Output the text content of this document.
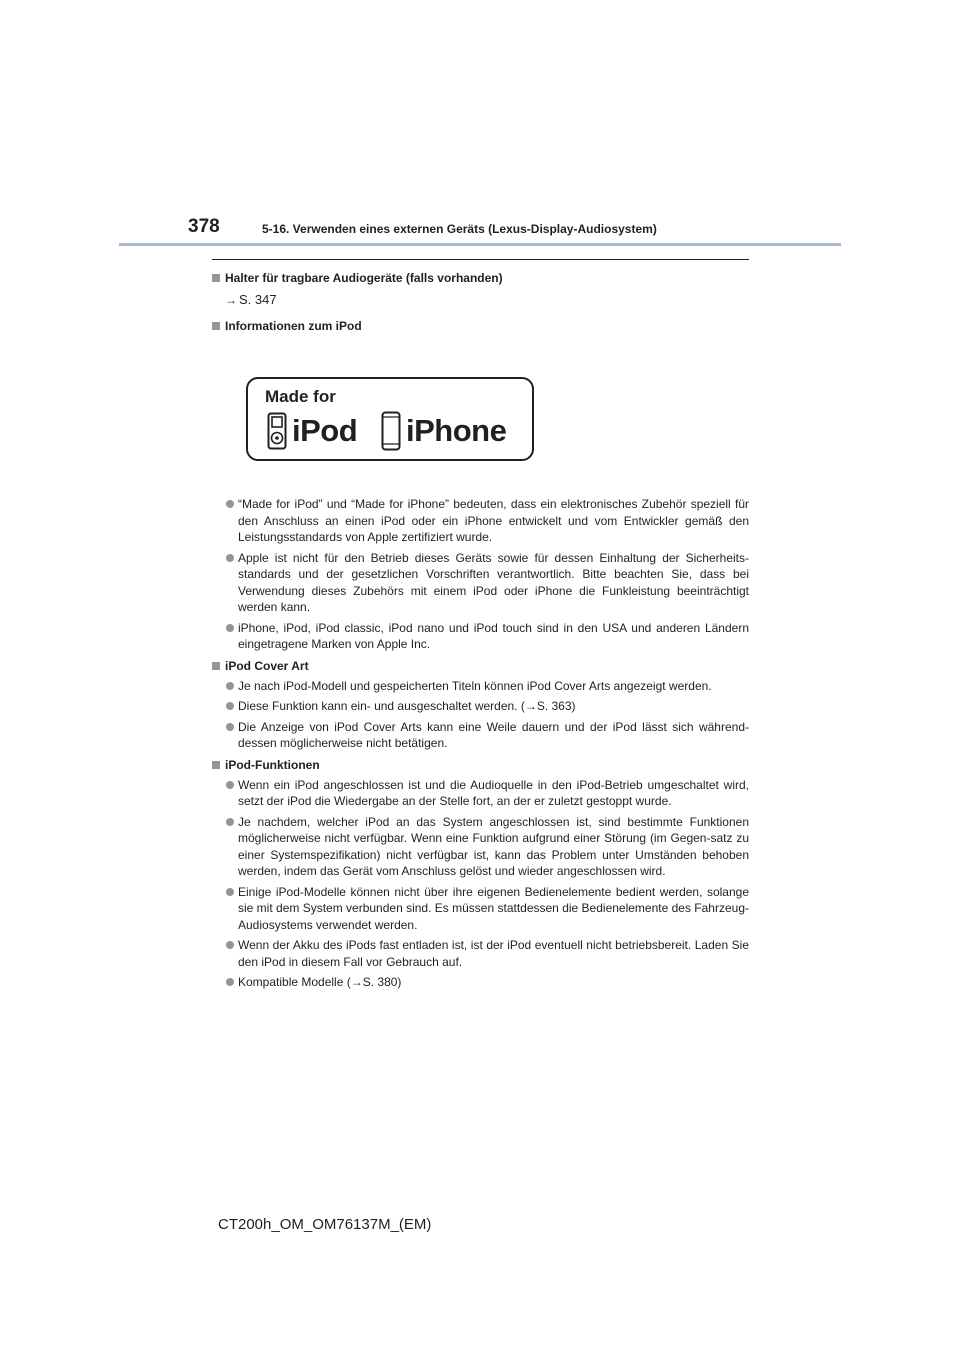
378	5-16. Verwenden eines externen Geräts (Lexus-Display-Audiosystem)
Halter für tragbare Audiogeräte (falls vorhanden)
→ S. 347
Informationen zum iPod
“Made for iPod” und “Made for iPhone” bedeuten, dass ein elektronisches Zubehör speziell für den Anschluss an einen iPod oder ein iPhone entwickelt und vom Entwickler gemäß den Leistungsstandards von Apple zertifiziert wurde.
Apple ist nicht für den Betrieb dieses Geräts sowie für dessen Einhaltung der Sicherheits-standards und der gesetzlichen Vorschriften verantwortlich. Bitte beachten Sie, dass bei Verwendung dieses Zubehörs mit einem iPod oder iPhone die Funkleistung beeinträchtigt werden kann.
iPhone, iPod, iPod classic, iPod nano und iPod touch sind in den USA und anderen Ländern eingetragene Marken von Apple Inc.
iPod Cover Art
Je nach iPod-Modell und gespeicherten Titeln können iPod Cover Arts angezeigt werden.
Diese Funktion kann ein- und ausgeschaltet werden. (→S. 363)
Die Anzeige von iPod Cover Arts kann eine Weile dauern und der iPod lässt sich während-dessen möglicherweise nicht betätigen.
iPod-Funktionen
Wenn ein iPod angeschlossen ist und die Audioquelle in den iPod-Betrieb umgeschaltet wird, setzt der iPod die Wiedergabe an der Stelle fort, an der er zuletzt gestoppt wurde.
Je nachdem, welcher iPod an das System angeschlossen ist, sind bestimmte Funktionen möglicherweise nicht verfügbar. Wenn eine Funktion aufgrund einer Störung (im Gegen-satz zu einer Systemspezifikation) nicht verfügbar ist, kann das Problem unter Umständen behoben werden, indem das Gerät vom Anschluss gelöst und wieder angeschlossen wird.
Einige iPod-Modelle können nicht über ihre eigenen Bedienelemente bedient werden, solange sie mit dem System verbunden sind. Es müssen stattdessen die Bedienelemente des Fahrzeug-Audiosystems verwendet werden.
Wenn der Akku des iPods fast entladen ist, ist der iPod eventuell nicht betriebsbereit. Laden Sie den iPod in diesem Fall vor Gebrauch auf.
Kompatible Modelle (→S. 380)
Made for
iPod iPhone
CT200h_OM_OM76137M_(EM)
